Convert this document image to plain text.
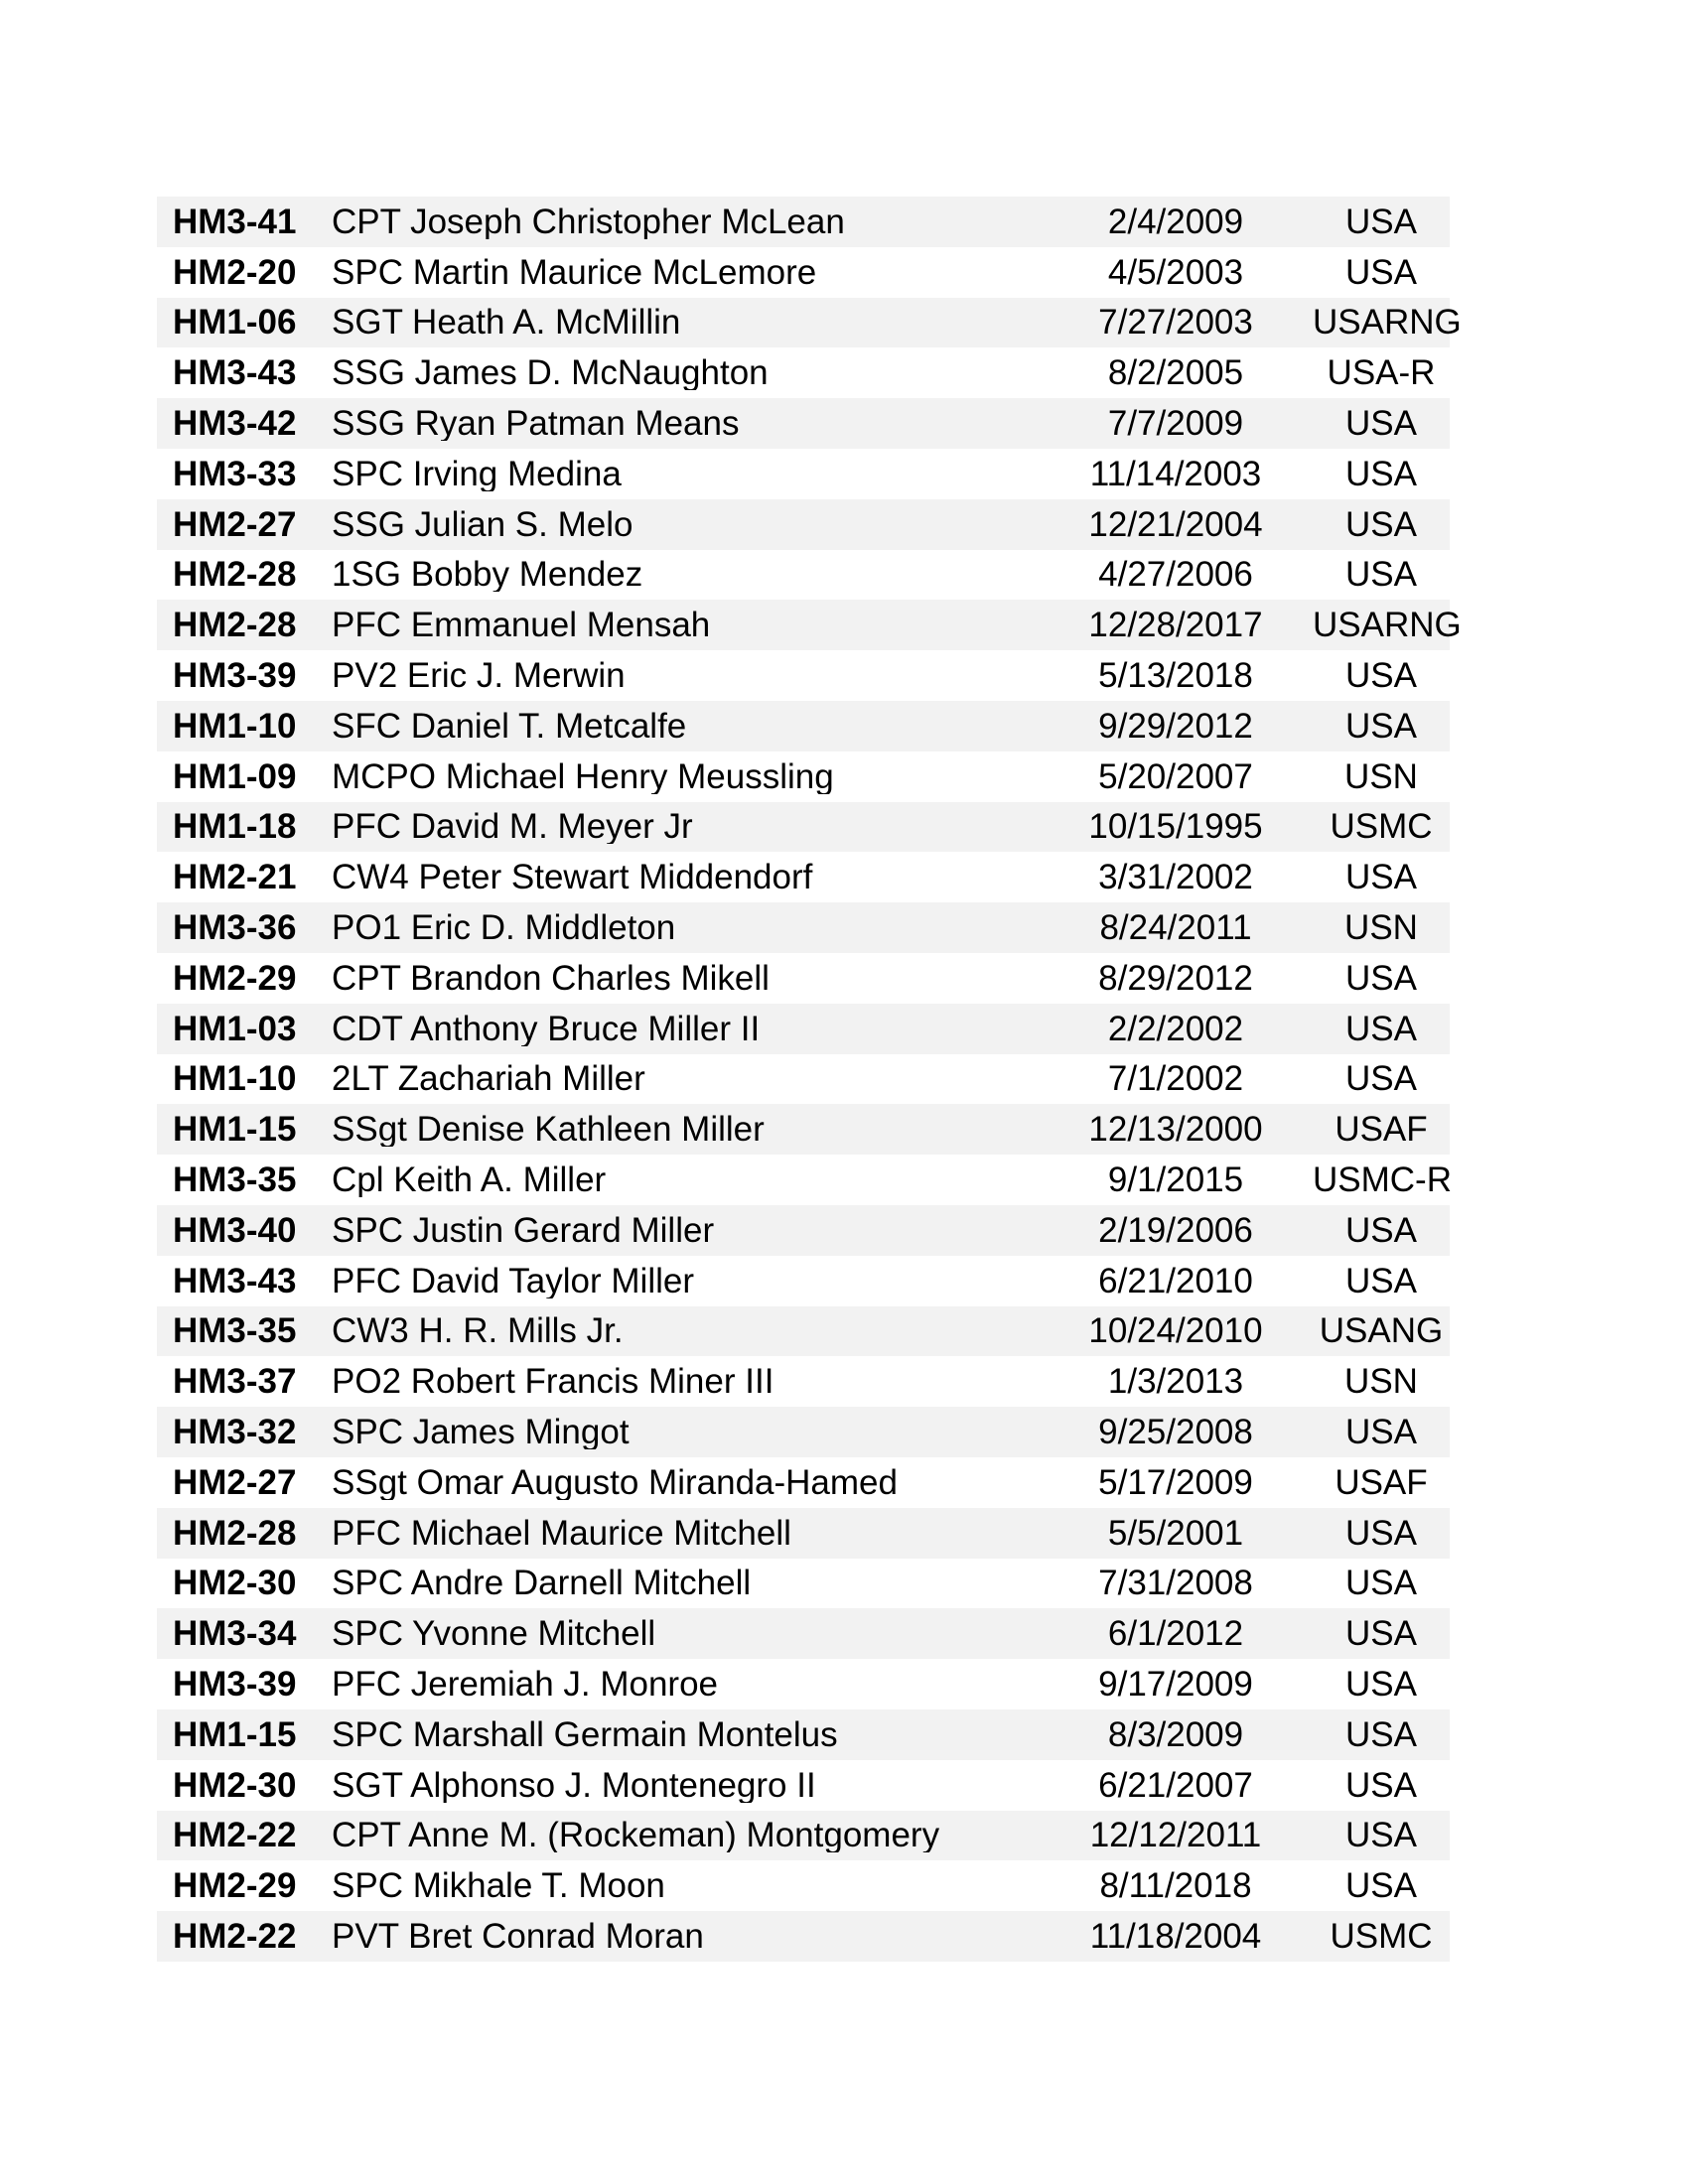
HM3-41	CPT Joseph Christopher McLean	2/4/2009	USA
HM2-20	SPC Martin Maurice McLemore	4/5/2003	USA
HM1-06	SGT Heath A. McMillin	7/27/2003	USARNG
HM3-43	SSG James D. McNaughton	8/2/2005	USA-R
HM3-42	SSG Ryan Patman Means	7/7/2009	USA
HM3-33	SPC Irving Medina	11/14/2003	USA
HM2-27	SSG Julian S. Melo	12/21/2004	USA
HM2-28	1SG Bobby Mendez	4/27/2006	USA
HM2-28	PFC Emmanuel Mensah	12/28/2017	USARNG
HM3-39	PV2 Eric J. Merwin	5/13/2018	USA
HM1-10	SFC Daniel T. Metcalfe	9/29/2012	USA
HM1-09	MCPO Michael Henry Meussling	5/20/2007	USN
HM1-18	PFC David M. Meyer Jr	10/15/1995	USMC
HM2-21	CW4 Peter Stewart Middendorf	3/31/2002	USA
HM3-36	PO1 Eric D. Middleton	8/24/2011	USN
HM2-29	CPT Brandon Charles Mikell	8/29/2012	USA
HM1-03	CDT Anthony Bruce Miller II	2/2/2002	USA
HM1-10	2LT Zachariah Miller	7/1/2002	USA
HM1-15	SSgt Denise Kathleen Miller	12/13/2000	USAF
HM3-35	Cpl Keith A. Miller	9/1/2015	USMC-R
HM3-40	SPC Justin Gerard Miller	2/19/2006	USA
HM3-43	PFC David Taylor Miller	6/21/2010	USA
HM3-35	CW3 H. R. Mills Jr.	10/24/2010	USANG
HM3-37	PO2 Robert Francis Miner III	1/3/2013	USN
HM3-32	SPC James Mingot	9/25/2008	USA
HM2-27	SSgt Omar Augusto Miranda-Hamed	5/17/2009	USAF
HM2-28	PFC Michael Maurice Mitchell	5/5/2001	USA
HM2-30	SPC Andre Darnell Mitchell	7/31/2008	USA
HM3-34	SPC Yvonne Mitchell	6/1/2012	USA
HM3-39	PFC Jeremiah J. Monroe	9/17/2009	USA
HM1-15	SPC Marshall Germain Montelus	8/3/2009	USA
HM2-30	SGT Alphonso J. Montenegro II	6/21/2007	USA
HM2-22	CPT Anne M. (Rockeman) Montgomery	12/12/2011	USA
HM2-29	SPC Mikhale T. Moon	8/11/2018	USA
HM2-22	PVT Bret Conrad Moran	11/18/2004	USMC
